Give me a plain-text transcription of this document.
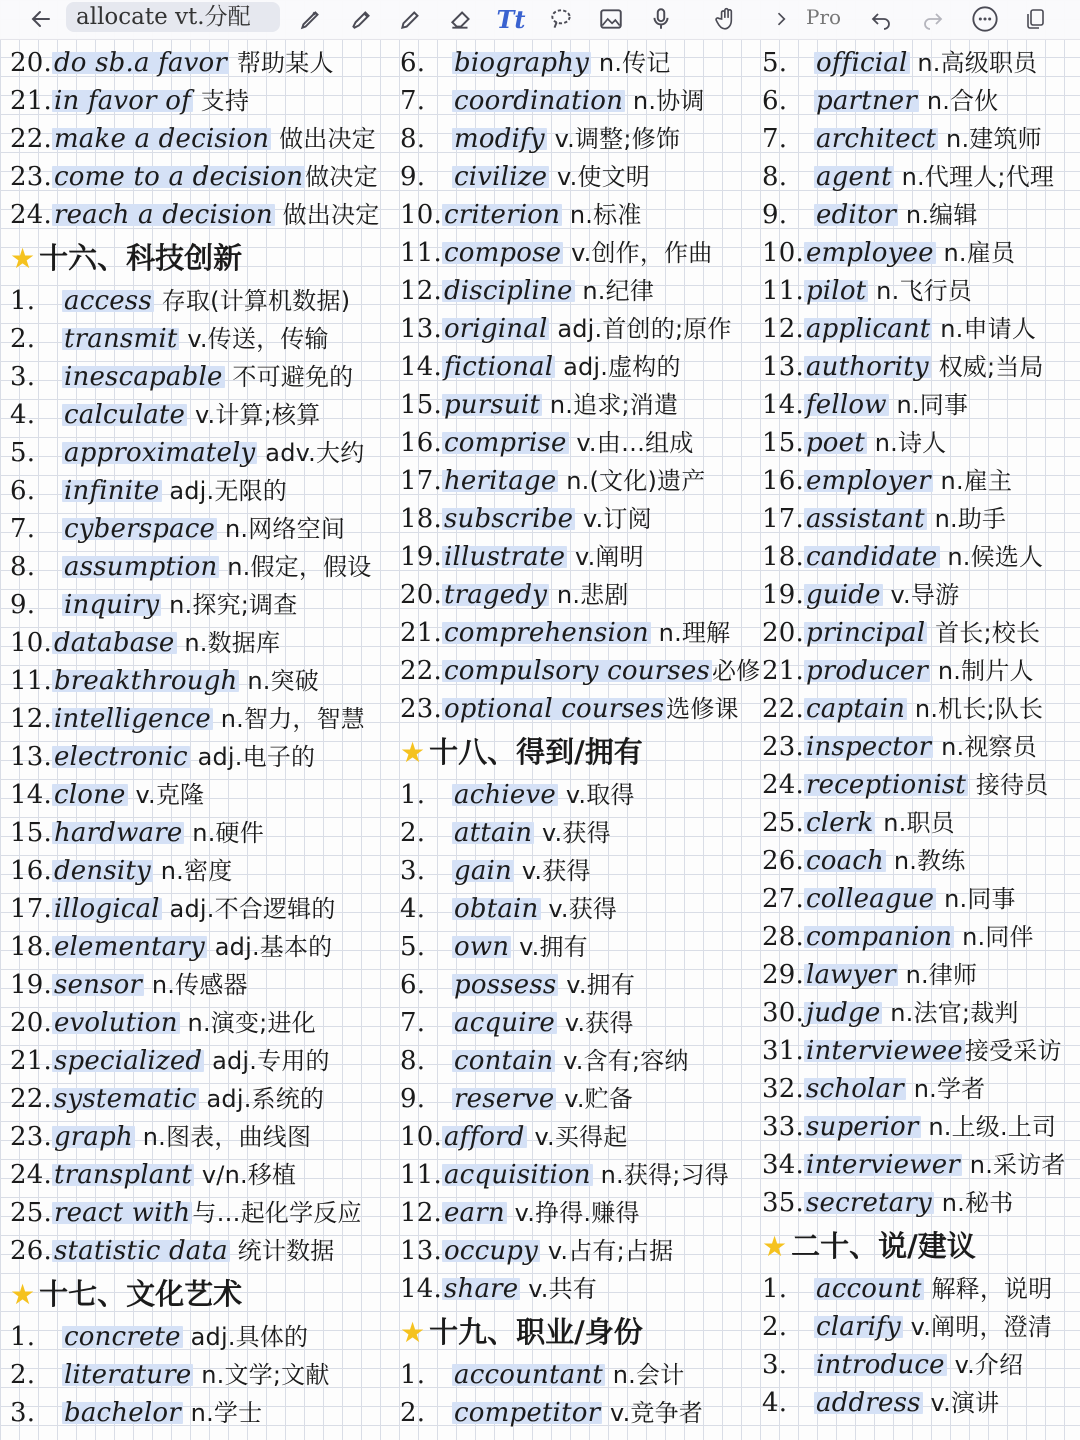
allocate vt.分配	Tt	Pro
20.do sb.a favor 帮助某人
21.in favor of 支持
22.make a decision 做出决定
23.come to a decision做决定
24.reach a decision 做出决定
★ 十六、科技创新
1. access 存取(计算机数据)
2. transmit v.传送，传输
3. inescapable 不可避免的
4. calculate v.计算;核算
5. approximately adv.大约
6. infinite adj.无限的
7. cyberspace n.网络空间
8. assumption n.假定，假设
9. inquiry n.探究;调查
10.database n.数据库
11.breakthrough n.突破
12.intelligence n.智力，智慧
13.electronic adj.电子的
14.clone v.克隆
15.hardware n.硬件
16.density n.密度
17.illogical adj.不合逻辑的
18.elementary adj.基本的
19.sensor n.传感器
20.evolution n.演变;进化
21.specialized adj.专用的
22.systematic adj.系统的
23.graph n.图表，曲线图
24.transplant v/n.移植
25.react with与…起化学反应
26.statistic data 统计数据
★ 十七、文化艺术
1. concrete adj.具体的
2. literature n.文学;文献
3. bachelor n.学士
6. biography n.传记
7. coordination n.协调
8. modify v.调整;修饰
9. civilize v.使文明
10.criterion n.标准
11.compose v.创作，作曲
12.discipline n.纪律
13.original adj.首创的;原作
14.fictional adj.虚构的
15.pursuit n.追求;消遣
16.comprise v.由…组成
17.heritage n.(文化)遗产
18.subscribe v.订阅
19.illustrate v.阐明
20.tragedy n.悲剧
21.comprehension n.理解
22.compulsory courses必修
23.optional courses选修课
★ 十八、得到/拥有
1. achieve v.取得
2. attain v.获得
3. gain v.获得
4. obtain v.获得
5. own v.拥有
6. possess v.拥有
7. acquire v.获得
8. contain v.含有;容纳
9. reserve v.贮备
10.afford v.买得起
11.acquisition n.获得;习得
12.earn v.挣得.赚得
13.occupy v.占有;占据
14.share v.共有
★ 十九、职业/身份
1. accountant n.会计
2. competitor v.竞争者
5. official n.高级职员
6. partner n.合伙
7. architect n.建筑师
8. agent n.代理人;代理
9. editor n.编辑
10.employee n.雇员
11.pilot n.飞行员
12.applicant n.申请人
13.authority 权威;当局
14.fellow n.同事
15.poet n.诗人
16.employer n.雇主
17.assistant n.助手
18.candidate n.候选人
19.guide v.导游
20.principal 首长;校长
21.producer n.制片人
22.captain n.机长;队长
23.inspector n.视察员
24.receptionist 接待员
25.clerk n.职员
26.coach n.教练
27.colleague n.同事
28.companion n.同伴
29.lawyer n.律师
30.judge n.法官;裁判
31.interviewee接受采访
32.scholar n.学者
33.superior n.上级.上司
34.interviewer n.采访者
35.secretary n.秘书
★ 二十、说/建议
1. account 解释，说明
2. clarify v.阐明，澄清
3. introduce v.介绍
4. address v.演讲
